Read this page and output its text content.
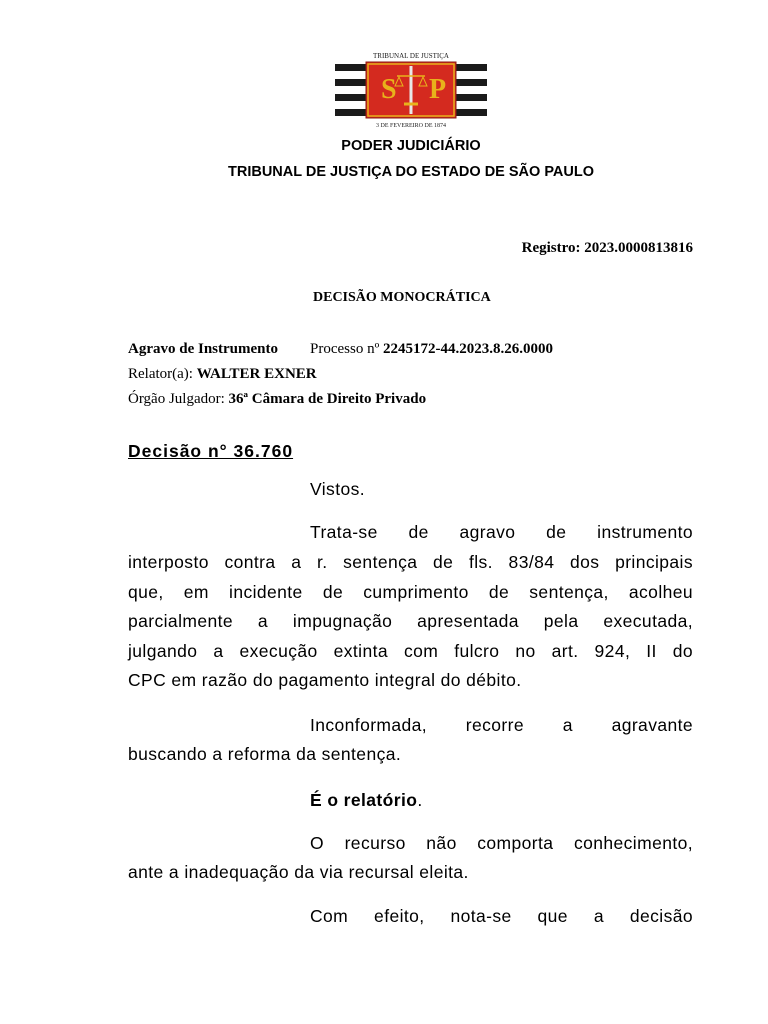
S P
TRIBUNAL DE JUSTIÇA
3 DE FEVEREIRO DE 1874
PODER JUDICIÁRIO
TRIBUNAL DE JUSTIÇA DO ESTADO DE SÃO PAULO
Registro: 2023.0000813816
DECISÃO MONOCRÁTICA
Agravo de Instrumento Processo nº 2245172-44.2023.8.26.0000
Relator(a): WALTER EXNER
Órgão Julgador: 36ª Câmara de Direito Privado
Decisão n° 36.760
Vistos.
Trata-se de agravo de instrumento
interposto contra a r. sentença de fls. 83/84 dos principais
que, em incidente de cumprimento de sentença, acolheu
parcialmente a impugnação apresentada pela executada,
julgando a execução extinta com fulcro no art. 924, II do
CPC em razão do pagamento integral do débito.
Inconformada, recorre a agravante
buscando a reforma da sentença.
É o relatório.
O recurso não comporta conhecimento,
ante a inadequação da via recursal eleita.
Com efeito, nota-se que a decisão
